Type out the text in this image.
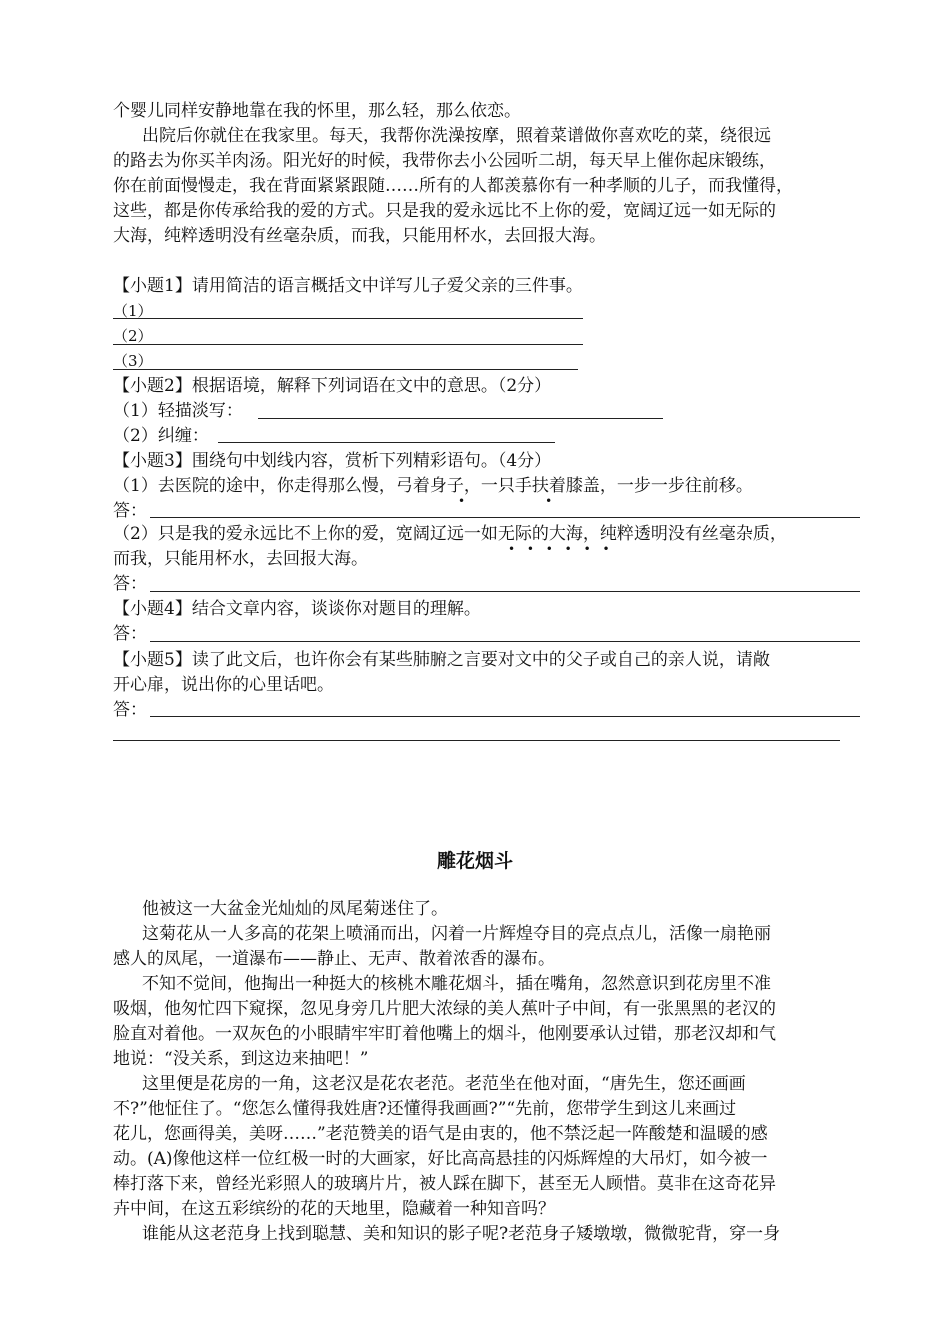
个婴儿同样安静地靠在我的怀里，那么轻，那么依恋。
出院后你就住在我家里。每天，我帮你洗澡按摩，照着菜谱做你喜欢吃的菜，绕很远
的路去为你买羊肉汤。阳光好的时候，我带你去小公园听二胡，每天早上催你起床锻练，
你在前面慢慢走，我在背面紧紧跟随……所有的人都羡慕你有一种孝顺的儿子，而我懂得，
这些，都是你传承给我的爱的方式。只是我的爱永远比不上你的爱，宽阔辽远一如无际的
大海，纯粹透明没有丝毫杂质，而我，只能用杯水，去回报大海。
【小题1】请用简洁的语言概括文中详写儿子爱父亲的三件事。
（1）
（2）
（3）
【小题2】根据语境，解释下列词语在文中的意思。（2分）
（1）轻描淡写：
（2）纠缠：
【小题3】围绕句中划线内容，赏析下列精彩语句。（4分）
（1）去医院的途中，你走得那么慢，弓着身子，一只手扶着膝盖，一步一步往前移。
•                     •
答：
（2）只是我的爱永远比不上你的爱，宽阔辽远一如无际的大海，纯粹透明没有丝毫杂质，
• • • • • •
而我，只能用杯水，去回报大海。
答：
【小题4】结合文章内容，谈谈你对题目的理解。
答：
【小题5】读了此文后，也许你会有某些肺腑之言要对文中的父子或自己的亲人说，请敞
开心扉，说出你的心里话吧。
答：
雕花烟斗
他被这一大盆金光灿灿的凤尾菊迷住了。
这菊花从一人多高的花架上喷涌而出，闪着一片辉煌夺目的亮点点儿，活像一扇艳丽
感人的凤尾，一道瀑布——静止、无声、散着浓香的瀑布。
不知不觉间，他掏出一种挺大的核桃木雕花烟斗，插在嘴角，忽然意识到花房里不准
吸烟，他匆忙四下窥探，忽见身旁几片肥大浓绿的美人蕉叶子中间，有一张黑黑的老汉的
脸直对着他。一双灰色的小眼睛牢牢盯着他嘴上的烟斗，他刚要承认过错，那老汉却和气
地说：“没关系，到这边来抽吧！”
这里便是花房的一角，这老汉是花农老范。老范坐在他对面，“唐先生，您还画画
不?”他怔住了。“您怎么懂得我姓唐?还懂得我画画?”“先前，您带学生到这儿来画过
花儿，您画得美，美呀……”老范赞美的语气是由衷的，他不禁泛起一阵酸楚和温暖的感
动。(A)像他这样一位红极一时的大画家，好比高高悬挂的闪烁辉煌的大吊灯，如今被一
棒打落下来，曾经光彩照人的玻璃片片，被人踩在脚下，甚至无人顾惜。莫非在这奇花异
卉中间，在这五彩缤纷的花的天地里，隐藏着一种知音吗？
谁能从这老范身上找到聪慧、美和知识的影子呢?老范身子矮墩墩，微微驼背，穿一身
